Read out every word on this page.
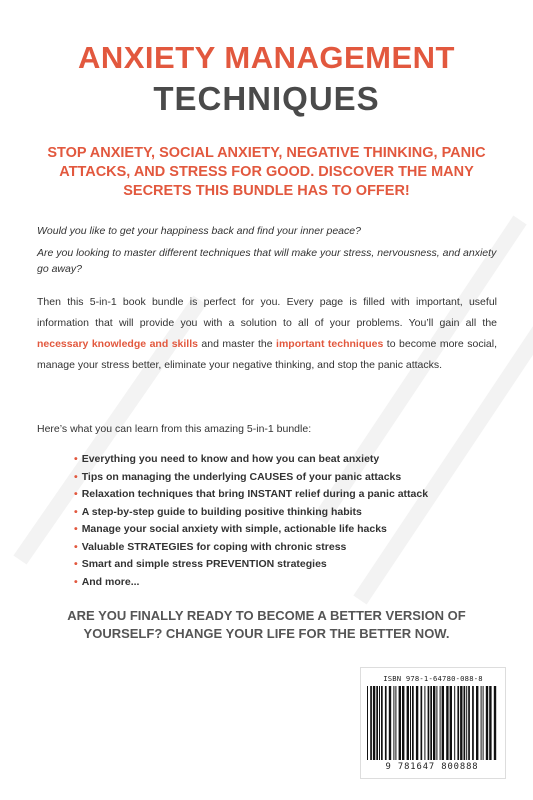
ANXIETY MANAGEMENT
TECHNIQUES
STOP ANXIETY, SOCIAL ANXIETY, NEGATIVE THINKING, PANIC ATTACKS, AND STRESS FOR GOOD. DISCOVER THE MANY SECRETS THIS BUNDLE HAS TO OFFER!
Would you like to get your happiness back and find your inner peace?
Are you looking to master different techniques that will make your stress, nervousness, and anxiety go away?
Then this 5-in-1 book bundle is perfect for you. Every page is filled with important, useful information that will provide you with a solution to all of your problems. You’ll gain all the necessary knowledge and skills and master the important techniques to become more social, manage your stress better, eliminate your negative thinking, and stop the panic attacks.
Here’s what you can learn from this amazing 5-in-1 bundle:
• Everything you need to know and how you can beat anxiety
• Tips on managing the underlying CAUSES of your panic attacks
• Relaxation techniques that bring INSTANT relief during a panic attack
• A step-by-step guide to building positive thinking habits
• Manage your social anxiety with simple, actionable life hacks
• Valuable STRATEGIES for coping with chronic stress
• Smart and simple stress PREVENTION strategies
• And more...
ARE YOU FINALLY READY TO BECOME A BETTER VERSION OF YOURSELF? CHANGE YOUR LIFE FOR THE BETTER NOW.
ISBN 978-1-64780-088-8
9 781647 800888
